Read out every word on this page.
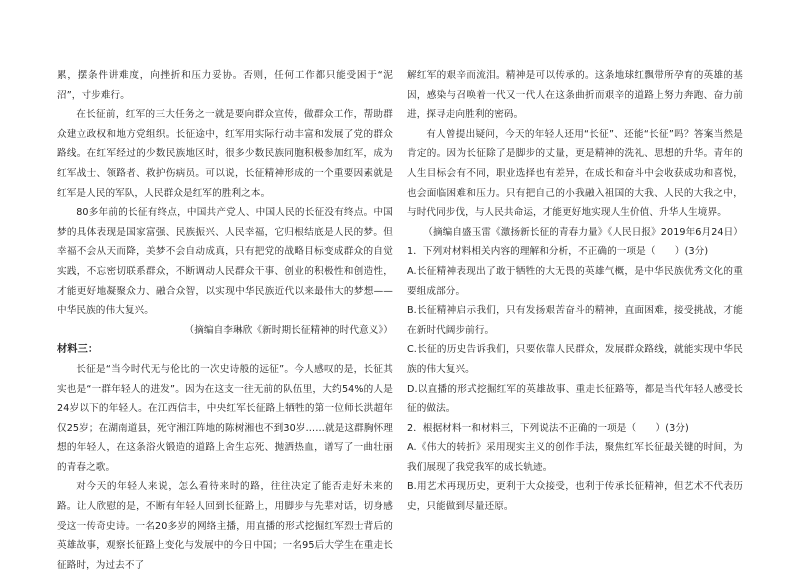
累，摆条件讲难度，向挫折和压力妥协。否则，任何工作都只能受困于“泥沼”，寸步难行。

在长征前，红军的三大任务之一就是要向群众宣传，做群众工作，帮助群众建立政权和地方党组织。长征途中，红军用实际行动丰富和发展了党的群众路线。在红军经过的少数民族地区时，很多少数民族同胞积极参加红军，成为红军战士、领路者、救护伤病员。可以说，长征精神形成的一个重要因素就是红军是人民的军队，人民群众是红军的胜利之本。

80多年前的长征有终点，中国共产党人、中国人民的长征没有终点。中国梦的具体表现是国家富强、民族振兴、人民幸福，它归根结底是人民的梦。但幸福不会从天而降，美梦不会自动成真，只有把党的战略目标变成群众的自觉实践，不忘密切联系群众，不断调动人民群众干事、创业的积极性和创造性，才能更好地凝聚众力、融合众智，以实现中华民族近代以来最伟大的梦想——中华民族的伟大复兴。

（摘编自李琳欣《新时期长征精神的时代意义》）

材料三：

长征是“当今时代无与伦比的一次史诗般的远征”。今人感叹的是，长征其实也是“一群年轻人的进发”。因为在这支一往无前的队伍里，大约54%的人是24岁以下的年轻人。在江西信丰，中央红军长征路上牺牲的第一位师长洪超年仅25岁；在湖南道县，死守湘江阵地的陈树湘也不到30岁……就是这群胸怀理想的年轻人，在这条浴火锻造的道路上舍生忘死、抛洒热血，谱写了一曲壮丽的青春之歌。

对今天的年轻人来说，怎么看待来时的路，往往决定了能否走好未来的路。让人欣慰的是，不断有年轻人回到长征路上，用脚步与先辈对话，切身感受这一传奇史诗。一名20多岁的网络主播，用直播的形式挖掘红军烈士背后的英雄故事，观察长征路上变化与发展中的今日中国；一名95后大学生在重走长征路时，为过去不了

解红军的艰辛而流泪。精神是可以传承的。这条地球红飘带所孕育的英雄的基因，感染与召唤着一代又一代人在这条曲折而艰辛的道路上努力奔跑、奋力前进，探寻走向胜利的密码。

有人曾提出疑问，今天的年轻人还用“长征”、还能“长征”吗？答案当然是肯定的。因为长征除了是脚步的丈量，更是精神的洗礼、思想的升华。青年的人生目标会有不同，职业选择也有差异，在成长和奋斗中会收获成功和喜悦，也会面临困难和压力。只有把自己的小我融入祖国的大我、人民的大我之中，与时代同步伐，与人民共命运，才能更好地实现人生价值、升华人生境界。

（摘编自盛玉雷《激扬新长征的青春力量》《人民日报》2019年6月24日）

1．下列对材料相关内容的理解和分析，不正确的一项是（　　）(3分)

A.长征精神表现出了敢于牺牲的大无畏的英雄气概，是中华民族优秀文化的重要组成部分。

B.长征精神启示我们，只有发扬艰苦奋斗的精神，直面困难，接受挑战，才能在新时代阔步前行。

C.长征的历史告诉我们，只要依靠人民群众，发展群众路线，就能实现中华民族的伟大复兴。

D.以直播的形式挖掘红军的英雄故事、重走长征路等，都是当代年轻人感受长征的做法。

2．根据材料一和材料三，下列说法不正确的一项是（　　）(3分)

A.《伟大的转折》采用现实主义的创作手法，聚焦红军长征最关键的时间，为我们展现了我党我军的成长轨迹。

B.用艺术再现历史，更利于大众接受，也利于传承长征精神，但艺术不代表历史，只能做到尽量还原。
